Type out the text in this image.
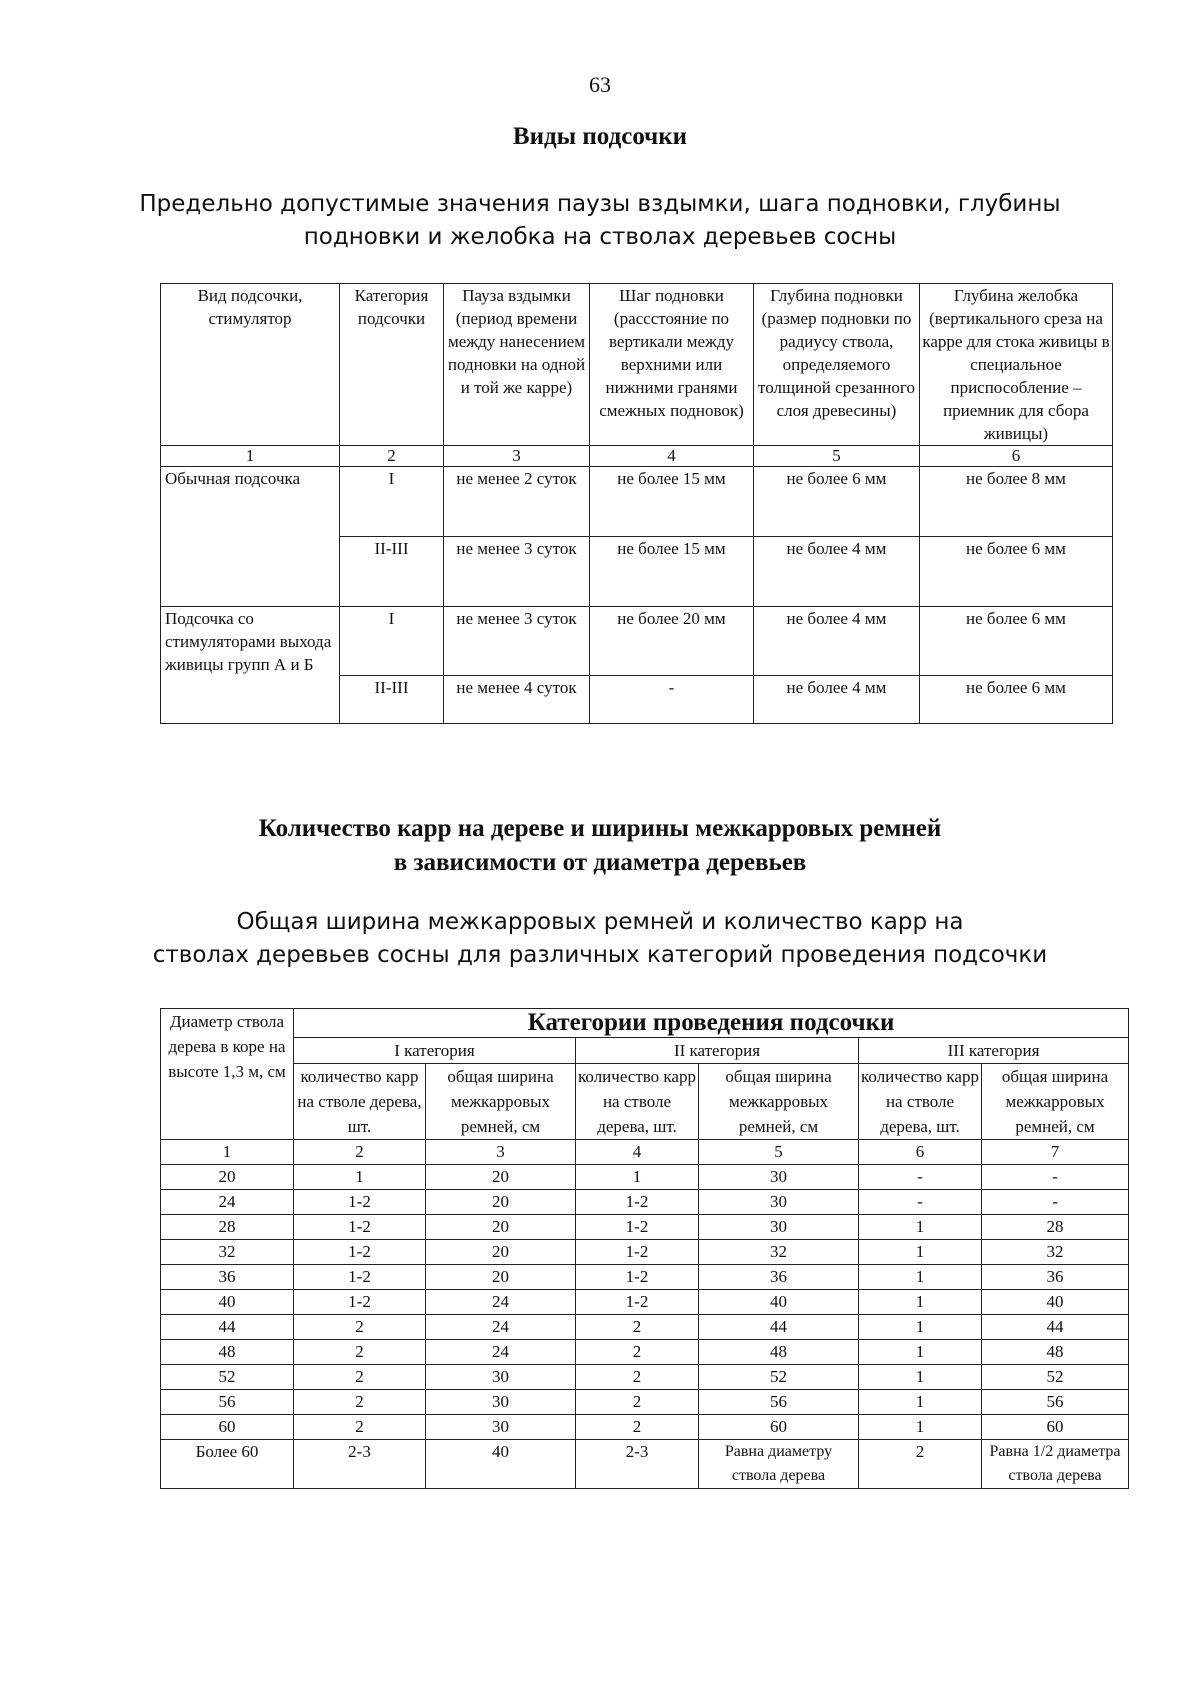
63
Виды подсочки
Предельно допустимые значения паузы вздымки, шага подновки, глубины
подновки и желобка на стволах деревьев сосны
Вид подсочки, стимулятор	Категория подсочки	Пауза вздымки (период времени между нанесением подновки на одной и той же карре)	Шаг подновки (рассстояние по вертикали между верхними или нижними гранями смежных подновок)	Глубина подновки (размер подновки по радиусу ствола, определяемого толщиной срезанного слоя древесины)	Глубина желобка (вертикального среза на карре для стока живицы в специальное приспособление – приемник для сбора живицы)
1	2	3	4	5	6
Обычная подсочка	I	не менее 2 суток	не более 15 мм	не более 6 мм	не более 8 мм
	II-III	не менее 3 суток	не более 15 мм	не более 4 мм	не более 6 мм
Подсочка со стимуляторами выхода живицы групп А и Б	I	не менее 3 суток	не более 20 мм	не более 4 мм	не более 6 мм
	II-III	не менее 4 суток	-	не более 4 мм	не более 6 мм
Количество карр на дереве и ширины межкарровых ремней
в зависимости от диаметра деревьев
Общая ширина межкарровых ремней и количество карр на
стволах деревьев сосны для различных категорий проведения подсочки
Диаметр ствола дерева в коре на высоте 1,3 м, см	Категории проведения подсочки					
	I категория		II категория		III категория	
	количество карр на стволе дерева, шт.	общая ширина межкарровых ремней, см	количество карр на стволе дерева, шт.	общая ширина межкарровых ремней, см	количество карр на стволе дерева, шт.	общая ширина межкарровых ремней, см
1	2	3	4	5	6	7
20	1	20	1	30	-	-
24	1-2	20	1-2	30	-	-
28	1-2	20	1-2	30	1	28
32	1-2	20	1-2	32	1	32
36	1-2	20	1-2	36	1	36
40	1-2	24	1-2	40	1	40
44	2	24	2	44	1	44
48	2	24	2	48	1	48
52	2	30	2	52	1	52
56	2	30	2	56	1	56
60	2	30	2	60	1	60
Более 60	2-3	40	2-3	Равна диаметру ствола дерева	2	Равна 1/2 диаметра ствола дерева
